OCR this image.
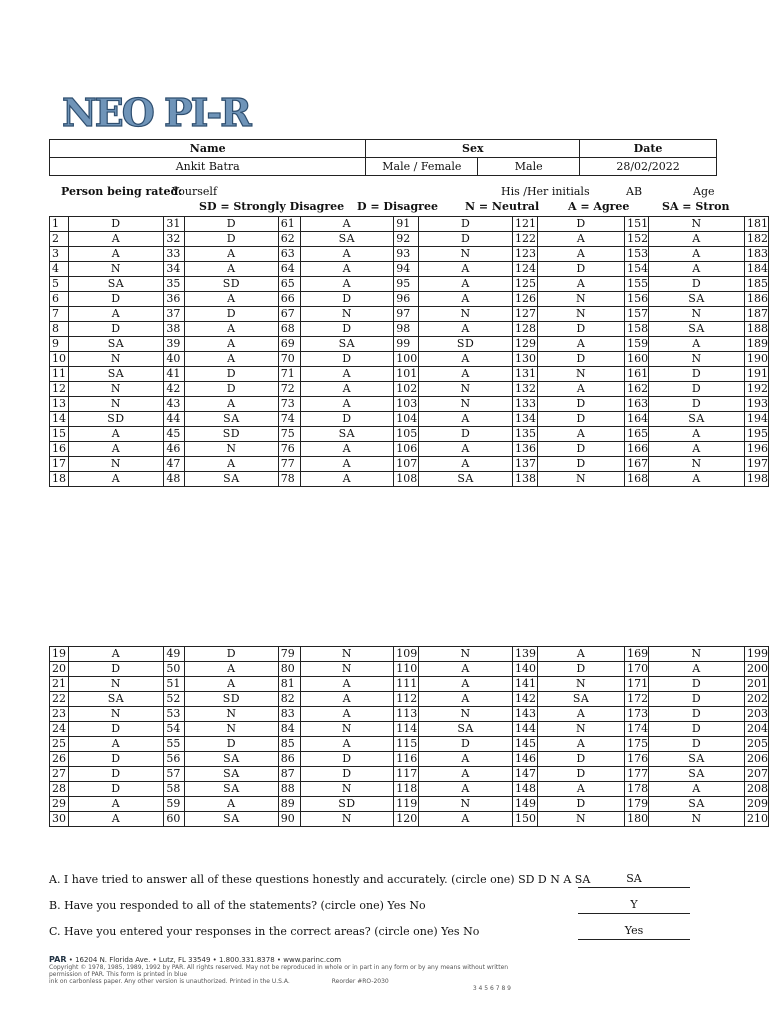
NEO PI-R
Name	Sex		Date
Ankit Batra	Male / Female	Male	28/02/2022
Person being rated:
Yourself	His /Her initials	AB	Age
SD = Strongly Disagree D = Disagree N = Neutral	A = Agree	SA = Stron
1	D	31	D	61	A	91	D	121	D	151	N	181
2	A	32	D	62	SA	92	D	122	A	152	A	182
3	A	33	A	63	A	93	N	123	A	153	A	183
4	N	34	A	64	A	94	A	124	D	154	A	184
5	SA	35	SD	65	A	95	A	125	A	155	D	185
6	D	36	A	66	D	96	A	126	N	156	SA	186
7	A	37	D	67	N	97	N	127	N	157	N	187
8	D	38	A	68	D	98	A	128	D	158	SA	188
9	SA	39	A	69	SA	99	SD	129	A	159	A	189
10	N	40	A	70	D	100	A	130	D	160	N	190
11	SA	41	D	71	A	101	A	131	N	161	D	191
12	N	42	D	72	A	102	N	132	A	162	D	192
13	N	43	A	73	A	103	N	133	D	163	D	193
14	SD	44	SA	74	D	104	A	134	D	164	SA	194
15	A	45	SD	75	SA	105	D	135	A	165	A	195
16	A	46	N	76	A	106	A	136	D	166	A	196
17	N	47	A	77	A	107	A	137	D	167	N	197
18	A	48	SA	78	A	108	SA	138	N	168	A	198
19	A	49	D	79	N	109	N	139	A	169	N	199
20	D	50	A	80	N	110	A	140	D	170	A	200
21	N	51	A	81	A	111	A	141	N	171	D	201
22	SA	52	SD	82	A	112	A	142	SA	172	D	202
23	N	53	N	83	A	113	N	143	A	173	D	203
24	D	54	N	84	N	114	SA	144	N	174	D	204
25	A	55	D	85	A	115	D	145	A	175	D	205
26	D	56	SA	86	D	116	A	146	D	176	SA	206
27	D	57	SA	87	D	117	A	147	D	177	SA	207
28	D	58	SA	88	N	118	A	148	A	178	A	208
29	A	59	A	89	SD	119	N	149	D	179	SA	209
30	A	60	SA	90	N	120	A	150	N	180	N	210
A. I have tried to answer all of these questions honestly and accurately. (circle one) SD D N A SA	SA
B. Have you responded to all of the statements? (circle one) Yes No	Y
C. Have you entered your responses in the correct areas? (circle one) Yes No	Yes
PAR • 16204 N. Florida Ave. • Lutz, FL 33549 • 1.800.331.8378 • www.parinc.com
Copyright © 1978, 1985, 1989, 1992 by PAR. All rights reserved. May not be reproduced in whole or in part in any form or by any means without written permission of PAR. This form is printed in blue
ink on carbonless paper. Any other version is unauthorized. Printed in the U.S.A.	Reorder #RO-2030
3 4 5 6 7 8 9
